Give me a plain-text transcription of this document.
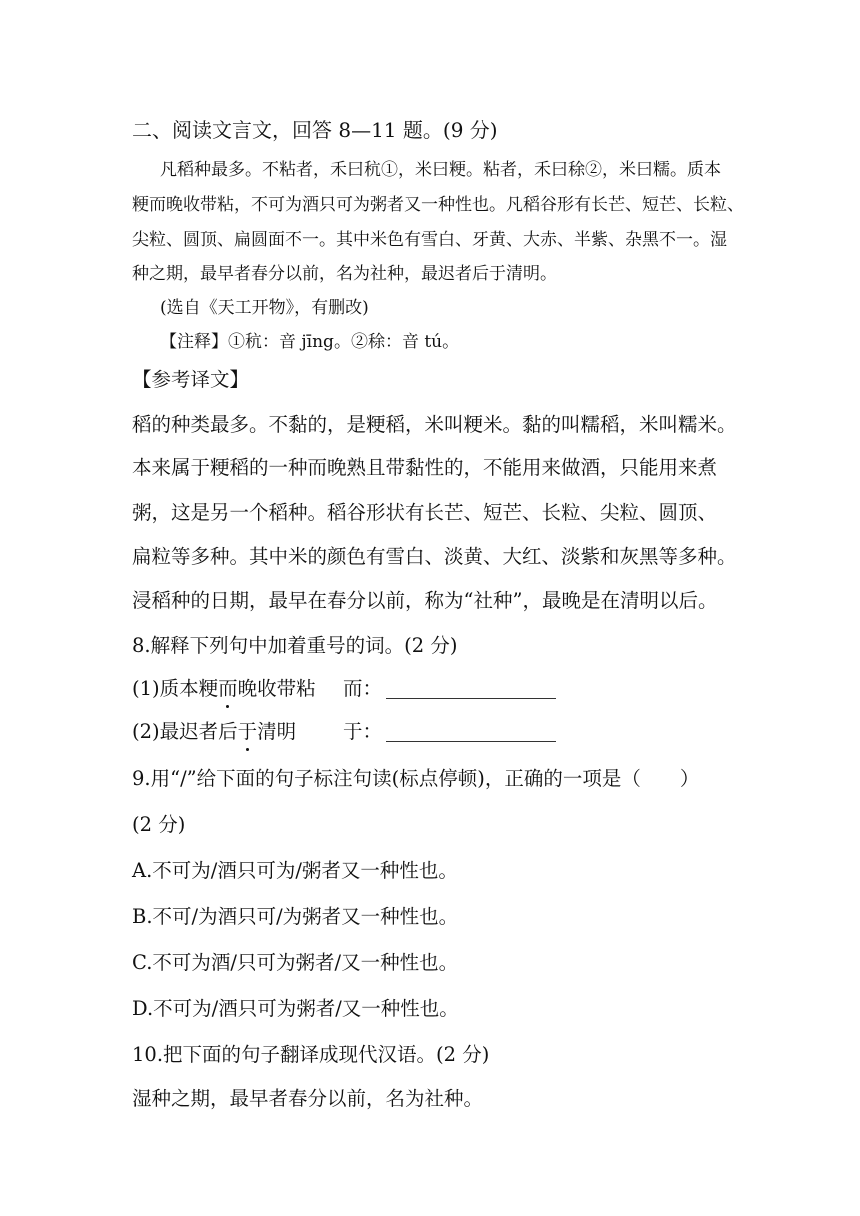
二、阅读文言文，回答 8—11 题。(9 分)
凡稻种最多。不粘者，禾曰秔①，米曰粳。粘者，禾曰稌②，米曰糯。质本
粳而晚收带粘，不可为酒只可为粥者又一种性也。凡稻谷形有长芒、短芒、长粒、
尖粒、圆顶、扁圆面不一。其中米色有雪白、牙黄、大赤、半紫、杂黑不一。湿
种之期，最早者春分以前，名为社种，最迟者后于清明。
(选自《天工开物》，有删改)
【注释】①秔：音 jīng。②稌：音 tú。
【参考译文】
稻的种类最多。不黏的，是粳稻，米叫粳米。黏的叫糯稻，米叫糯米。
本来属于粳稻的一种而晚熟且带黏性的，不能用来做酒，只能用来煮
粥，这是另一个稻种。稻谷形状有长芒、短芒、长粒、尖粒、圆顶、
扁粒等多种。其中米的颜色有雪白、淡黄、大红、淡紫和灰黑等多种。
浸稻种的日期，最早在春分以前，称为“社种”，最晚是在清明以后。
8.解释下列句中加着重号的词。(2 分)
(1)质本粳而晚收带粘 而：
(2)最迟者后于清明 于：
9.用“/”给下面的句子标注句读(标点停顿)，正确的一项是（　　）
(2 分)
A.不可为/酒只可为/粥者又一种性也。
B.不可/为酒只可/为粥者又一种性也。
C.不可为酒/只可为粥者/又一种性也。
D.不可为/酒只可为粥者/又一种性也。
10.把下面的句子翻译成现代汉语。(2 分)
湿种之期，最早者春分以前，名为社种。
